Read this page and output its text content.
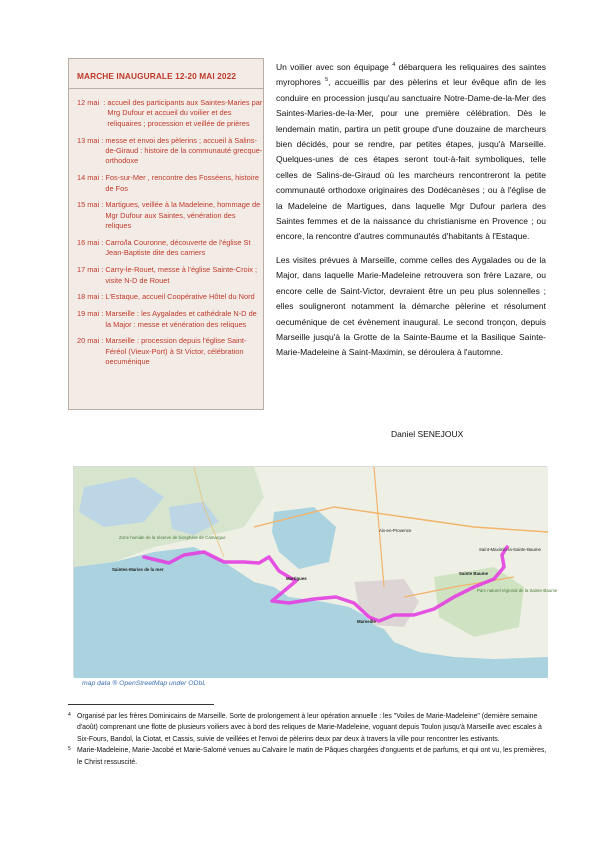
MARCHE INAUGURALE 12-20 MAI 2022
12 mai  : accueil des participants aux Saintes-Maries par Mrg Dufour et accueil du voilier et des reliquaires ; procession et veillée de prières
13 mai : messe et envoi des pèlerins ; accueil à Salins-de-Giraud : histoire de la communauté grecque-orthodoxe
14 mai : Fos-sur-Mer , rencontre des Fosséens, histoire de Fos
15 mai : Martigues, veillée à la Madeleine, hommage de Mgr Dufour aux Saintes, vénération des reliques
16 mai : Carro/la Couronne, découverte de l'église St Jean-Baptiste dite des carriers
17 mai : Carry-le-Rouet, messe à l'église Sainte-Croix ; visite N-D de Rouet
18 mai : L'Estaque, accueil Coopérative Hôtel du Nord
19 mai : Marseille : les Aygalades et cathédrale N-D de la Major : messe et vénération des reliques
20 mai : Marseille : procession depuis l'église Saint- Féréol (Vieux-Port) à St Victor, célébration oecuménique

Un voilier avec son équipage $^4$ débarquera les reliquaires des saintes myrophores $^5$, accueillis par des pèlerins et leur évêque afin de les conduire en procession jusqu'au sanctuaire Notre-Dame-de-la-Mer des Saintes-Maries-de-la-Mer, pour une première célébration. Dès le lendemain matin, partira un petit groupe d'une douzaine de marcheurs bien décidés, pour se rendre, par petites étapes, jusqu'à Marseille. Quelques-unes de ces étapes seront tout-à-fait symboliques, telle celles de Salins-de-Giraud où les marcheurs rencontreront la petite communauté orthodoxe originaires des Dodécanèses ; ou à l'église de la Madeleine de Martigues, dans laquelle Mgr Dufour parlera des Saintes femmes et de la naissance du christianisme en Provence ; ou encore, la rencontre d'autres communautés d'habitants à l'Estaque.

Les visites prévues à Marseille, comme celles des Aygalades ou de la Major, dans laquelle Marie-Madeleine retrouvera son frère Lazare, ou encore celle de Saint-Victor, devraient être un peu plus solennelles ; elles souligneront notamment la démarche pèlerine et résolument oecuménique de cet évènement inaugural. Le second tronçon, depuis Marseille jusqu'à la Grotte de la Sainte-Baume et la Basilique Sainte-Marie-Madeleine à Saint-Maximin, se déroulera à l'automne.

Daniel SENEJOUX
Saintes-Maries de la mer
Martigues
Marseille
Sainte Baume
Parc naturel régional de la Sainte-Baume
Zone humide de la réserve de biosphère de Camargue
Aix-en-Provence
Saint-Maximin-la-Sainte-Baume
map data ® OpenStreetMap under ODbL
4 Organisé par les frères Dominicains de Marseille. Sorte de prolongement à leur opération annuelle : les "Voiles de Marie-Madeleine" (dernière semaine d'août) comprenant une flotte de plusieurs voiliers avec à bord des reliques de Marie-Madeleine, voguant depuis Toulon jusqu'à Marseille avec escales à Six-Fours, Bandol, la Ciotat, et Cassis, suivie de veillées et l'envoi de pèlerins deux par deux à travers la ville pour rencontrer les estivants.
5 Marie-Madeleine, Marie-Jacobé et Marie-Salomé venues au Calvaire le matin de Pâques chargées d'onguents et de parfums, et qui ont vu, les premières, le Christ ressuscité.
